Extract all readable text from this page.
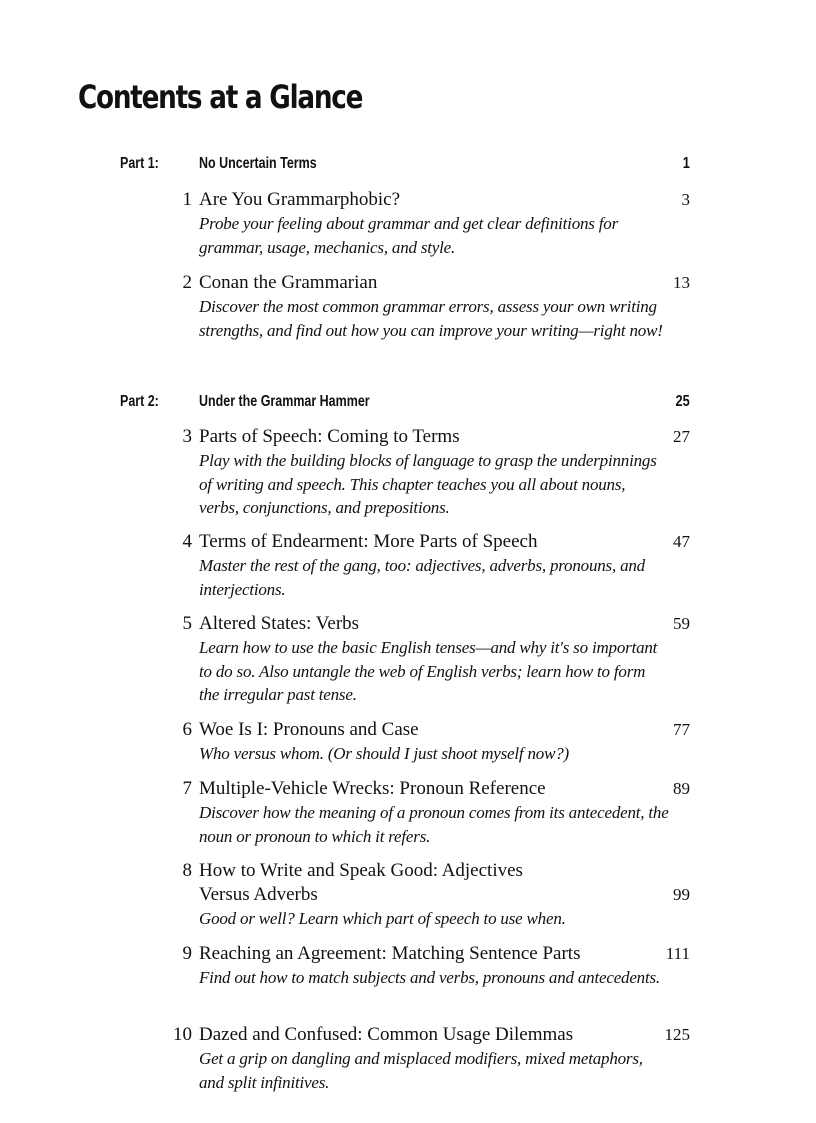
Contents at a Glance
Part 1:	No Uncertain Terms	1
1 Are You Grammarphobic?	3
Probe your feeling about grammar and get clear definitions for grammar, usage, mechanics, and style.
2 Conan the Grammarian	13
Discover the most common grammar errors, assess your own writing strengths, and find out how you can improve your writing—right now!
Part 2:	Under the Grammar Hammer	25
3 Parts of Speech: Coming to Terms	27
Play with the building blocks of language to grasp the underpinnings of writing and speech. This chapter teaches you all about nouns, verbs, conjunctions, and prepositions.
4 Terms of Endearment: More Parts of Speech	47
Master the rest of the gang, too: adjectives, adverbs, pronouns, and interjections.
5 Altered States: Verbs	59
Learn how to use the basic English tenses—and why it's so important to do so. Also untangle the web of English verbs; learn how to form the irregular past tense.
6 Woe Is I: Pronouns and Case	77
Who versus whom. (Or should I just shoot myself now?)
7 Multiple-Vehicle Wrecks: Pronoun Reference	89
Discover how the meaning of a pronoun comes from its antecedent, the noun or pronoun to which it refers.
8 How to Write and Speak Good: Adjectives
Versus Adverbs	99
Good or well? Learn which part of speech to use when.
9 Reaching an Agreement: Matching Sentence Parts	111
Find out how to match subjects and verbs, pronouns and antecedents.
10 Dazed and Confused: Common Usage Dilemmas	125
Get a grip on dangling and misplaced modifiers, mixed metaphors, and split infinitives.
